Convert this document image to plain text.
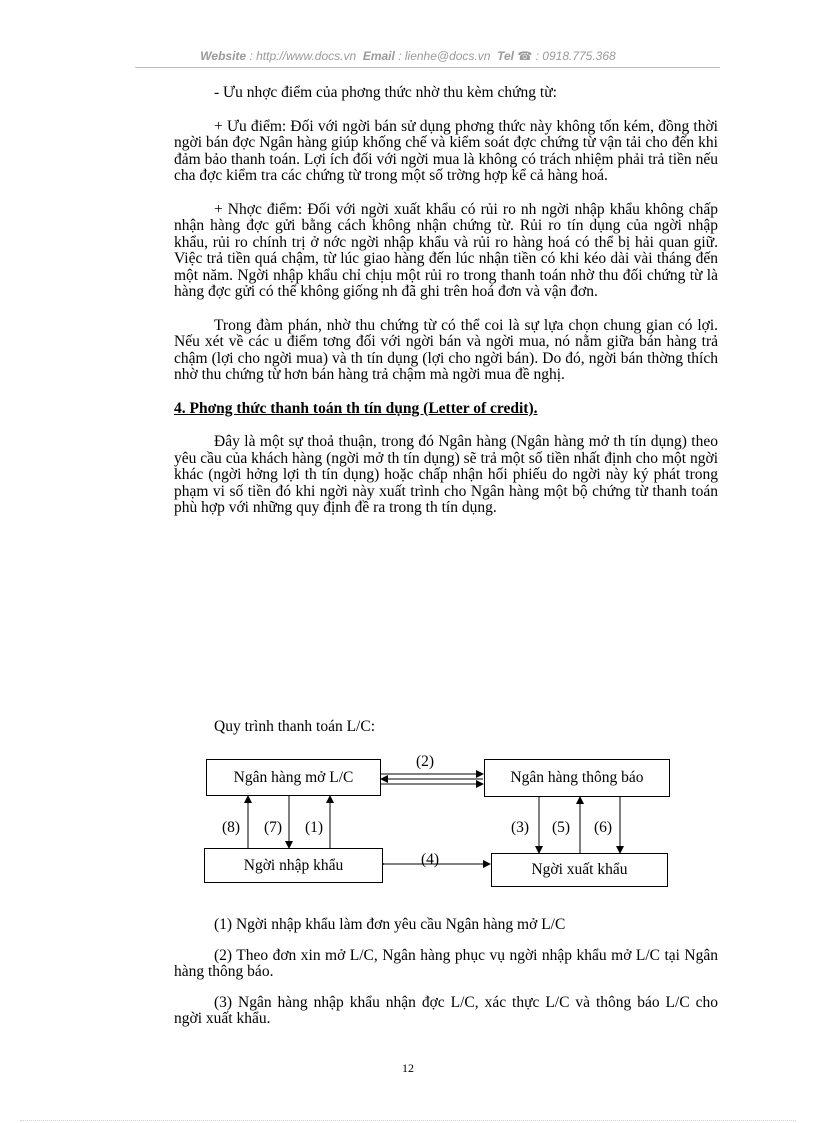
Website : http://www.docs.vn Email : lienhe@docs.vn Tel ☎ : 0918.775.368

- Ưu nhợc điểm của phơng thức nhờ thu kèm chứng từ:

+ Ưu điểm: Đối với ngời bán sử dụng phơng thức này không tốn kém, đồng thời ngời bán đợc Ngân hàng giúp khống chế và kiểm soát đợc chứng từ vận tải cho đến khi đảm bảo thanh toán. Lợi ích đối với ngời mua là không có trách nhiệm phải trả tiền nếu cha đợc kiểm tra các chứng từ trong một số trờng hợp kể cả hàng hoá.

+ Nhợc điểm: Đối với ngời xuất khẩu có rủi ro nh ngời nhập khẩu không chấp nhận hàng đợc gửi bằng cách không nhận chứng từ. Rủi ro tín dụng của ngời nhập khẩu, rủi ro chính trị ở nớc ngời nhập khẩu và rủi ro hàng hoá có thể bị hải quan giữ. Việc trả tiền quá chậm, từ lúc giao hàng đến lúc nhận tiền có khi kéo dài vài tháng đến một năm. Ngời nhập khẩu chỉ chịu một rủi ro trong thanh toán nhờ thu đối chứng từ là hàng đợc gửi có thể không giống nh đã ghi trên hoá đơn và vận đơn.

Trong đàm phán, nhờ thu chứng từ có thể coi là sự lựa chọn chung gian có lợi. Nếu xét về các u điểm tơng đối với ngời bán và ngời mua, nó nằm giữa bán hàng trả chậm (lợi cho ngời mua) và th tín dụng (lợi cho ngời bán). Do đó, ngời bán thờng thích nhờ thu chứng từ hơn bán hàng trả chậm mà ngời mua đề nghị.

4. Phơng thức thanh toán th tín dụng (Letter of credit).

Đây là một sự thoả thuận, trong đó Ngân hàng (Ngân hàng mở th tín dụng) theo yêu cầu của khách hàng (ngời mở th tín dụng) sẽ trả một số tiền nhất định cho một ngời khác (ngời hởng lợi th tín dụng) hoặc chấp nhận hối phiếu do ngời này ký phát trong phạm vi số tiền đó khi ngời này xuất trình cho Ngân hàng một bộ chứng từ thanh toán phù hợp với những quy định đề ra trong th tín dụng.

Quy trình thanh toán L/C:
Ngân hàng mở L/C	Ngân hàng thông báo
Ngời nhập khẩu	Ngời xuất khẩu
(2)
(8) (7) (1)	(3) (5) (6)
(4)

(1) Ngời nhập khẩu làm đơn yêu cầu Ngân hàng mở L/C

(2) Theo đơn xin mở L/C, Ngân hàng phục vụ ngời nhập khẩu mở L/C tại Ngân hàng thông báo.

(3) Ngân hàng nhập khẩu nhận đợc L/C, xác thực L/C và thông báo L/C cho ngời xuất khẩu.

12
